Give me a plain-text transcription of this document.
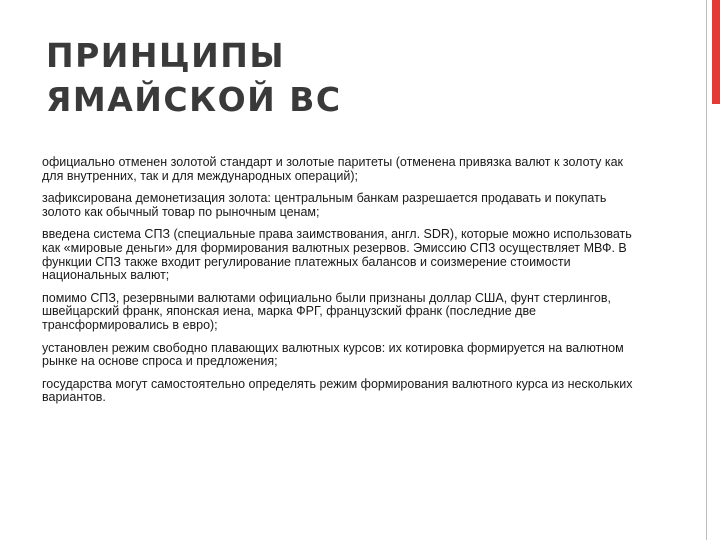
ПРИНЦИПЫ
ЯМАЙСКОЙ ВС
официально отменен золотой стандарт и золотые паритеты (отменена привязка валют к золоту как для внутренних, так и для международных операций);
зафиксирована демонетизация золота: центральным банкам разрешается продавать и покупать золото как обычный товар по рыночным ценам;
введена система СПЗ (специальные права заимствования, англ. SDR), которые можно использовать как «мировые деньги» для формирования валютных резервов. Эмиссию СПЗ осуществляет МВФ. В функции СПЗ также входит регулирование платежных балансов и соизмерение стоимости национальных валют;
помимо СПЗ, резервными валютами официально были признаны доллар США, фунт стерлингов, швейцарский франк, японская иена, марка ФРГ, французский франк (последние две трансформировались в евро);
установлен режим свободно плавающих валютных курсов: их котировка формируется на валютном рынке на основе спроса и предложения;
государства могут самостоятельно определять режим формирования валютного курса из нескольких вариантов.
